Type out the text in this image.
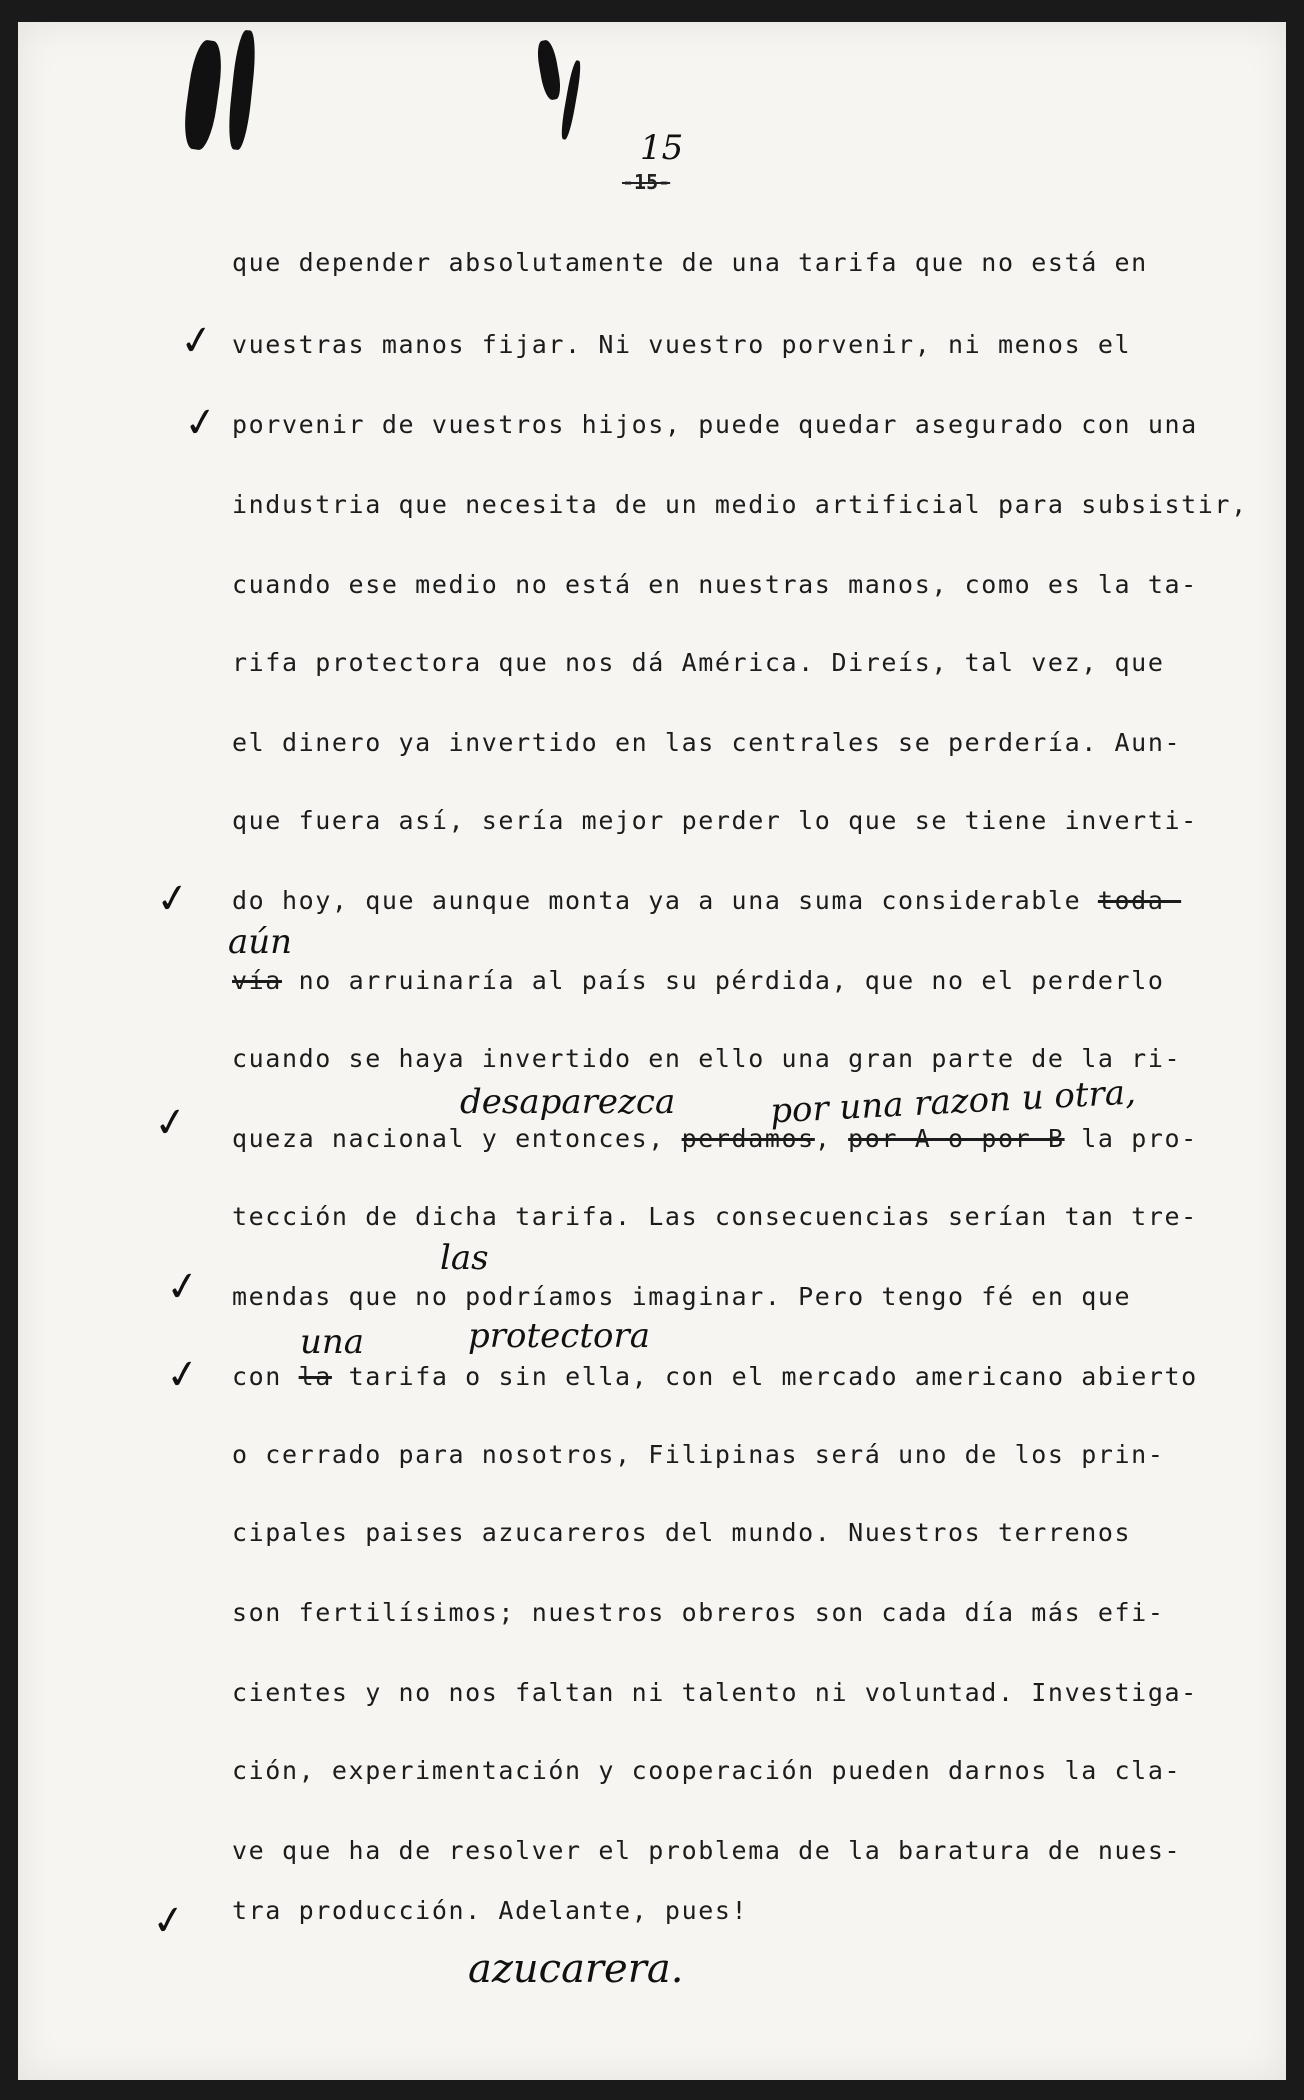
15
-15-
que depender absolutamente de una tarifa que no está en
vuestras manos fijar. Ni vuestro porvenir, ni menos el
porvenir de vuestros hijos, puede quedar asegurado con una
industria que necesita de un medio artificial para subsistir,
cuando ese medio no está en nuestras manos, como es la ta-
rifa protectora que nos dá América. Direís, tal vez, que
el dinero ya invertido en las centrales se perdería. Aun-
que fuera así, sería mejor perder lo que se tiene inverti-
do hoy, que aunque monta ya a una suma considerable toda-
vía no arruinaría al país su pérdida, que no el perderlo
cuando se haya invertido en ello una gran parte de la ri-
queza nacional y entonces, perdamos, por A o por B la pro-
tección de dicha tarifa. Las consecuencias serían tan tre-
mendas que no podríamos imaginar. Pero tengo fé en que
con la tarifa o sin ella, con el mercado americano abierto
o cerrado para nosotros, Filipinas será uno de los prin-
cipales paises azucareros del mundo. Nuestros terrenos
son fertilísimos; nuestros obreros son cada día más efi-
cientes y no nos faltan ni talento ni voluntad. Investiga-
ción, experimentación y cooperación pueden darnos la cla-
ve que ha de resolver el problema de la baratura de nues-
tra producción. Adelante, pues!
aún
desaparezca	por una razon u otra,
las
una	protectora
azucarera.
✓
✓
✓
✓
✓
✓
✓
